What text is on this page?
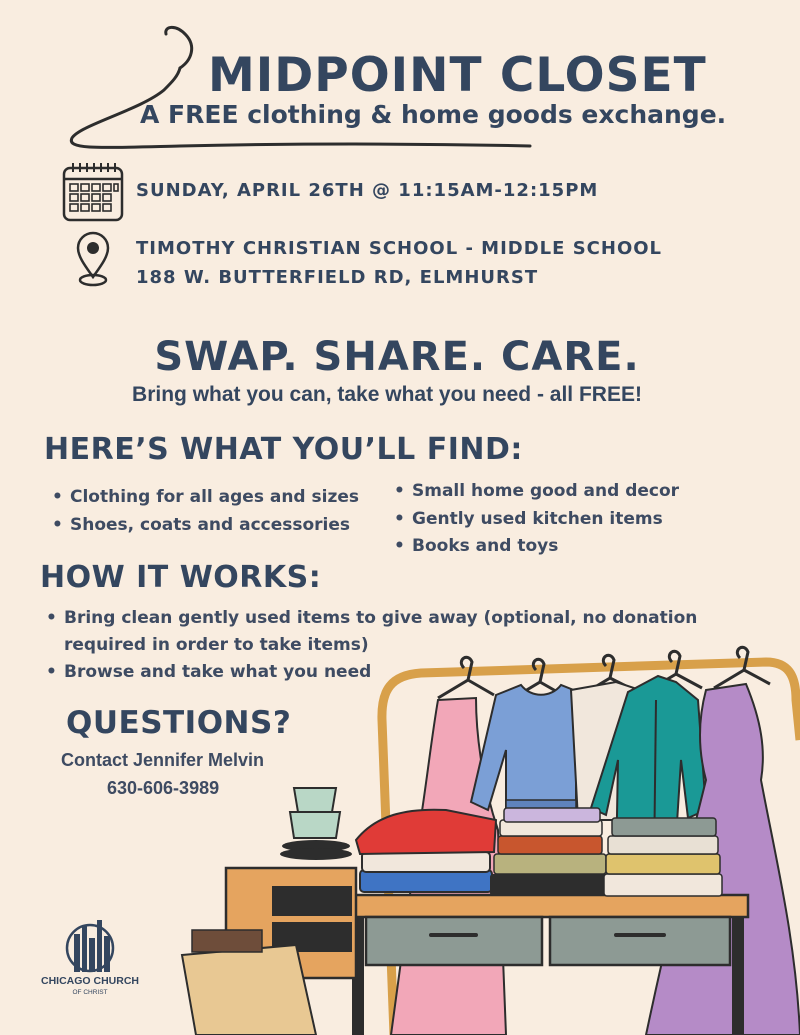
MIDPOINT CLOSET
A FREE clothing & home goods exchange.
SUNDAY, APRIL 26TH @ 11:15AM-12:15PM
TIMOTHY CHRISTIAN SCHOOL - MIDDLE SCHOOL
188 W. BUTTERFIELD RD, ELMHURST
SWAP. SHARE. CARE.
Bring what you can, take what you need - all FREE!
HERE’S WHAT YOU’LL FIND:
• Clothing for all ages and sizes
• Shoes, coats and accessories
• Small home good and decor
• Gently used kitchen items
• Books and toys
HOW IT WORKS:
• Bring clean gently used items to give away (optional, no donation required in order to take items)
• Browse and take what you need
QUESTIONS?
Contact Jennifer Melvin
630-606-3989
CHICAGO CHURCH
OF CHRIST
